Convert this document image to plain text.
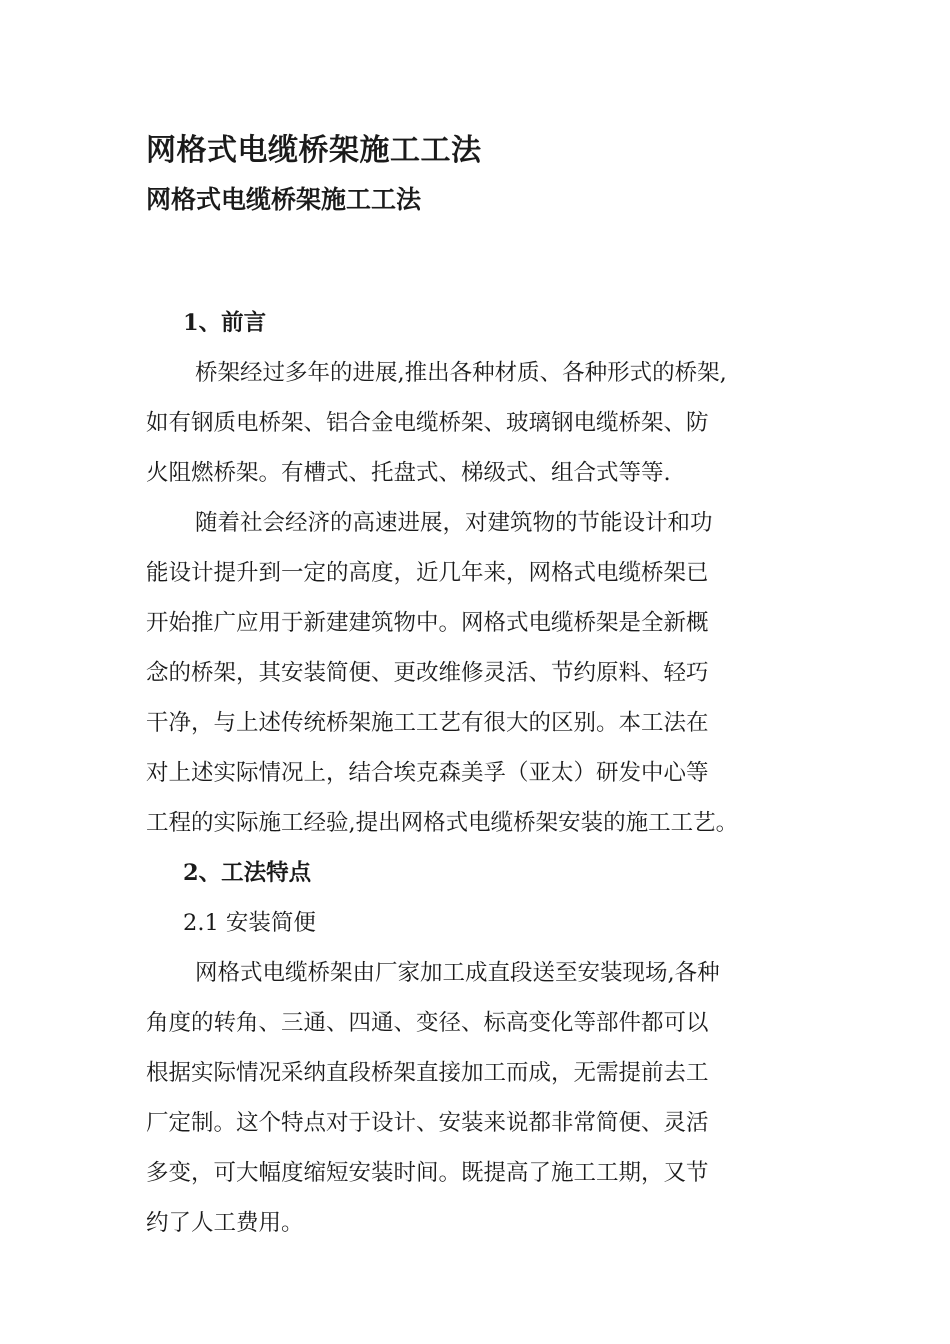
网格式电缆桥架施工工法
网格式电缆桥架施工工法

1、前言

桥架经过多年的进展,推出各种材质、各种形式的桥架,
如有钢质电桥架、铝合金电缆桥架、玻璃钢电缆桥架、防
火阻燃桥架。有槽式、托盘式、梯级式、组合式等等.

随着社会经济的高速进展，对建筑物的节能设计和功
能设计提升到一定的高度，近几年来，网格式电缆桥架已
开始推广应用于新建建筑物中。网格式电缆桥架是全新概
念的桥架，其安装简便、更改维修灵活、节约原料、轻巧
干净，与上述传统桥架施工工艺有很大的区别。本工法在
对上述实际情况上，结合埃克森美孚（亚太）研发中心等
工程的实际施工经验,提出网格式电缆桥架安装的施工工艺。

2、工法特点

2.1 安装简便

网格式电缆桥架由厂家加工成直段送至安装现场,各种
角度的转角、三通、四通、变径、标高变化等部件都可以
根据实际情况采纳直段桥架直接加工而成，无需提前去工
厂定制。这个特点对于设计、安装来说都非常简便、灵活
多变，可大幅度缩短安装时间。既提高了施工工期，又节
约了人工费用。
